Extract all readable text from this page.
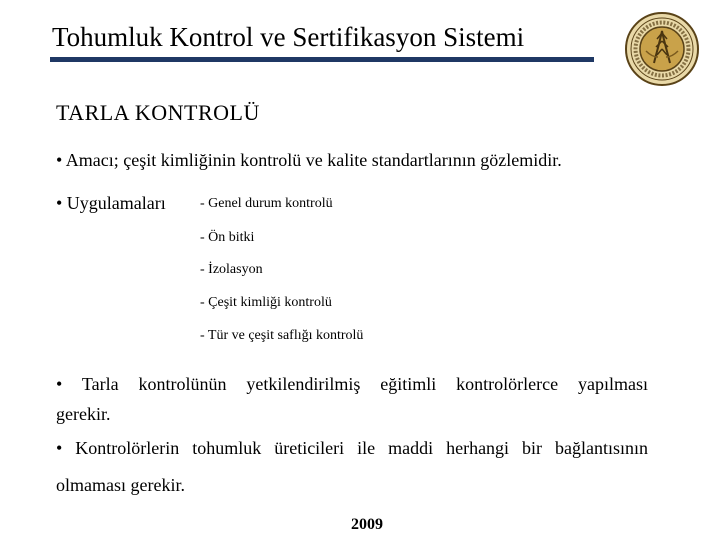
Tohumluk Kontrol ve Sertifikasyon Sistemi
TARLA KONTROLÜ
• Amacı; çeşit kimliğinin kontrolü ve kalite standartlarının gözlemidir.
• Uygulamaları - Genel durum kontrolü
- Ön bitki
- İzolasyon
- Çeşit kimliği kontrolü
- Tür ve çeşit saflığı kontrolü
• Tarla kontrolünün yetkilendirilmiş eğitimli kontrolörlerce yapılması
gerekir.
• Kontrolörlerin tohumluk üreticileri ile maddi herhangi bir bağlantısının
olmaması gerekir.
2009
